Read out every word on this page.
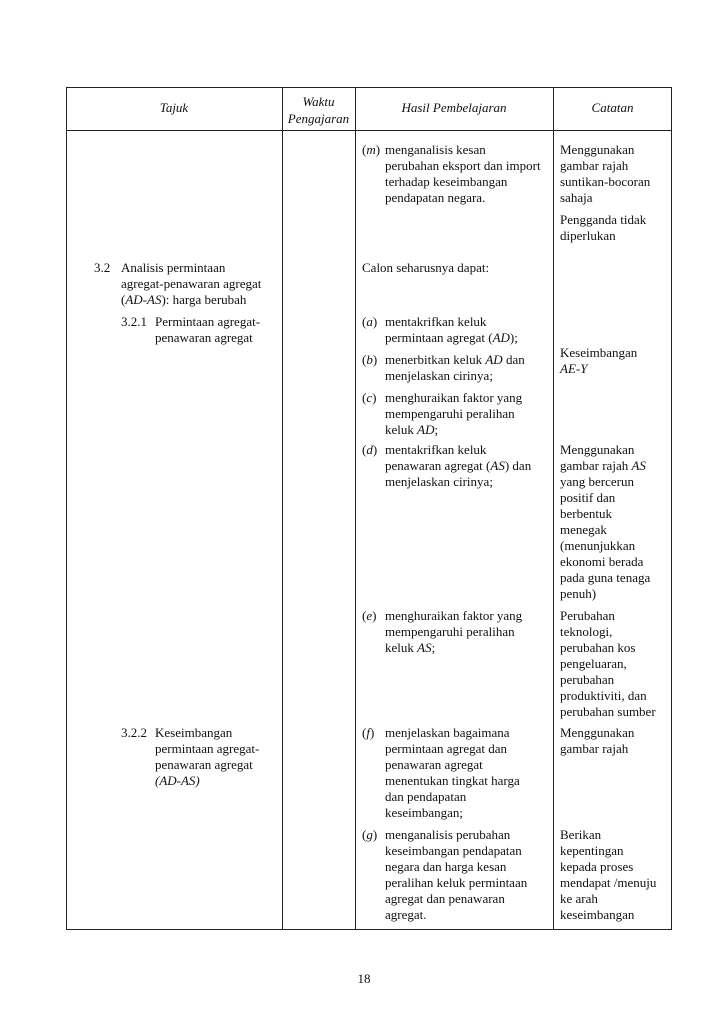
Tajuk	Waktu
Pengajaran
Hasil Pembelajaran	Catatan
(m) menganalisis kesan
perubahan eksport dan import
terhadap keseimbangan
pendapatan negara.
Menggunakan
gambar rajah
suntikan-bocoran
sahaja
Pengganda tidak
diperlukan
3.2 Analisis permintaan
agregat-penawaran agregat
(AD-AS): harga berubah
Calon seharusnya dapat:
3.2.1 Permintaan agregat-
penawaran agregat
(a) mentakrifkan keluk
permintaan agregat (AD);
(b) menerbitkan keluk AD dan
menjelaskan cirinya;
Keseimbangan
AE-Y
(c) menghuraikan faktor yang
mempengaruhi peralihan
keluk AD;
(d) mentakrifkan keluk
penawaran agregat (AS) dan
menjelaskan cirinya;
Menggunakan
gambar rajah AS
yang bercerun
positif dan
berbentuk
menegak
(menunjukkan
ekonomi berada
pada guna tenaga
penuh)
(e) menghuraikan faktor yang
mempengaruhi peralihan
keluk AS;
Perubahan
teknologi,
perubahan kos
pengeluaran,
perubahan
produktiviti, dan
perubahan sumber
3.2.2 Keseimbangan
permintaan agregat-
penawaran agregat
(AD-AS)
(f) menjelaskan bagaimana
permintaan agregat dan
penawaran agregat
menentukan tingkat harga
dan pendapatan
keseimbangan;
Menggunakan
gambar rajah
(g) menganalisis perubahan
keseimbangan pendapatan
negara dan harga kesan
peralihan keluk permintaan
agregat dan penawaran
agregat.
Berikan
kepentingan
kepada proses
mendapat /menuju
ke arah
keseimbangan
18
